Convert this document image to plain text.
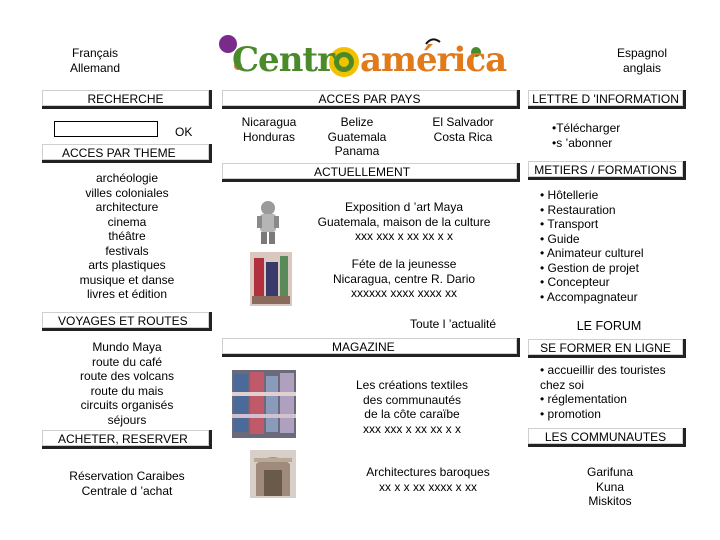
Français
Allemand
Espagnol
anglais
Centr américa
RECHERCHE
OK
ACCES PAR THEME
archéologie
villes coloniales
architecture
cinema
théâtre
festivals
arts plastiques
musique et danse
livres et édition
VOYAGES ET ROUTES
Mundo Maya
route du café
route des volcans
route du mais
circuits organisés
séjours
ACHETER, RESERVER
Réservation Caraibes
Centrale d ’achat
ACCES PAR PAYS
Nicaragua
Honduras
Belize
Guatemala
Panama
El Salvador
Costa Rica
ACTUELLEMENT
Exposition d ’art Maya
Guatemala, maison de la culture
xxx xxx x xx xx x x
Féte de la jeunesse
Nicaragua, centre R. Dario
xxxxxx xxxx xxxx xx
Toute l ’actualité
MAGAZINE
Les créations textiles
des communautés
de la côte caraïbe
xxx xxx x xx xx x x
Architectures baroques
xx x x xx xxxx x xx
LETTRE D 'INFORMATION
•Télécharger
•s ’abonner
METIERS / FORMATIONS
• Hôtellerie
• Restauration
• Transport
• Guide
• Animateur culturel
• Gestion de projet
• Concepteur
• Accompagnateur
LE FORUM
SE FORMER EN LIGNE
• accueillir des touristes chez soi
• réglementation
• promotion
LES COMMUNAUTES
Garifuna
Kuna
Miskitos
